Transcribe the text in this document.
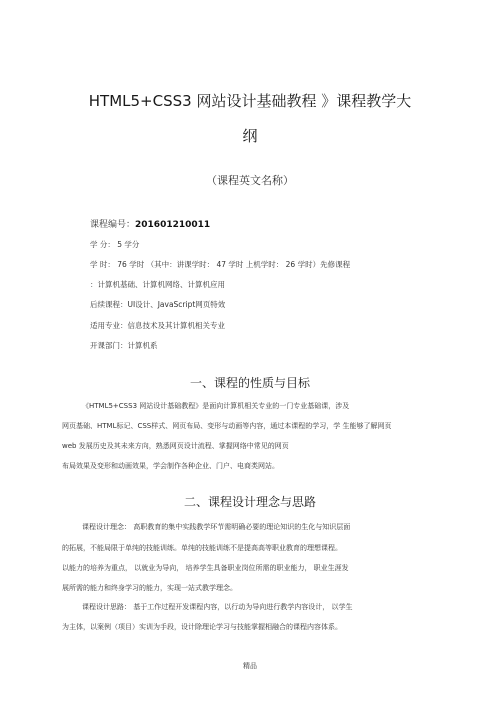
HTML5+CSS3 网站设计基础教程 》课程教学大
纲
（课程英文名称）
课程编号：201601210011
学 分： 5 学分
学 时： 76 学时 （其中：讲课学时： 47 学时 上机学时： 26 学时）先修课程
：计算机基础、计算机网络、计算机应用
后续课程：UI设计、JavaScript网页特效
适用专业：信息技术及其计算机相关专业
开课部门：计算机系
一、课程的性质与目标
《HTML5+CSS3 网站设计基础教程》是面向计算机相关专业的一门专业基础课，涉及
网页基础、HTML标记、CSS样式、网页布局、变形与动画等内容，通过本课程的学习，学 生能够了解网页
web 发展历史及其未来方向，熟悉网页设计流程、掌握网络中常见的网页
布局效果及变形和动画效果，学会制作各种企业、门户、电商类网站。
二、课程设计理念与思路
课程设计理念： 高职教育的集中实践教学环节需明确必要的理论知识的生化与知识层面
的拓展，不能局限于单纯的技能训练。单纯的技能训练不是提高高等职业教育的理想课程。
以能力的培养为重点， 以就业为导向， 培养学生具备职业岗位所需的职业能力， 职业生涯发
展所需的能力和终身学习的能力，实现一站式教学理念。
课程设计思路： 基于工作过程开发课程内容，以行动为导向进行教学内容设计， 以学生
为主体，以案例（项目）实训为手段，设计除理论学习与技能掌握相融合的课程内容体系。
精品
